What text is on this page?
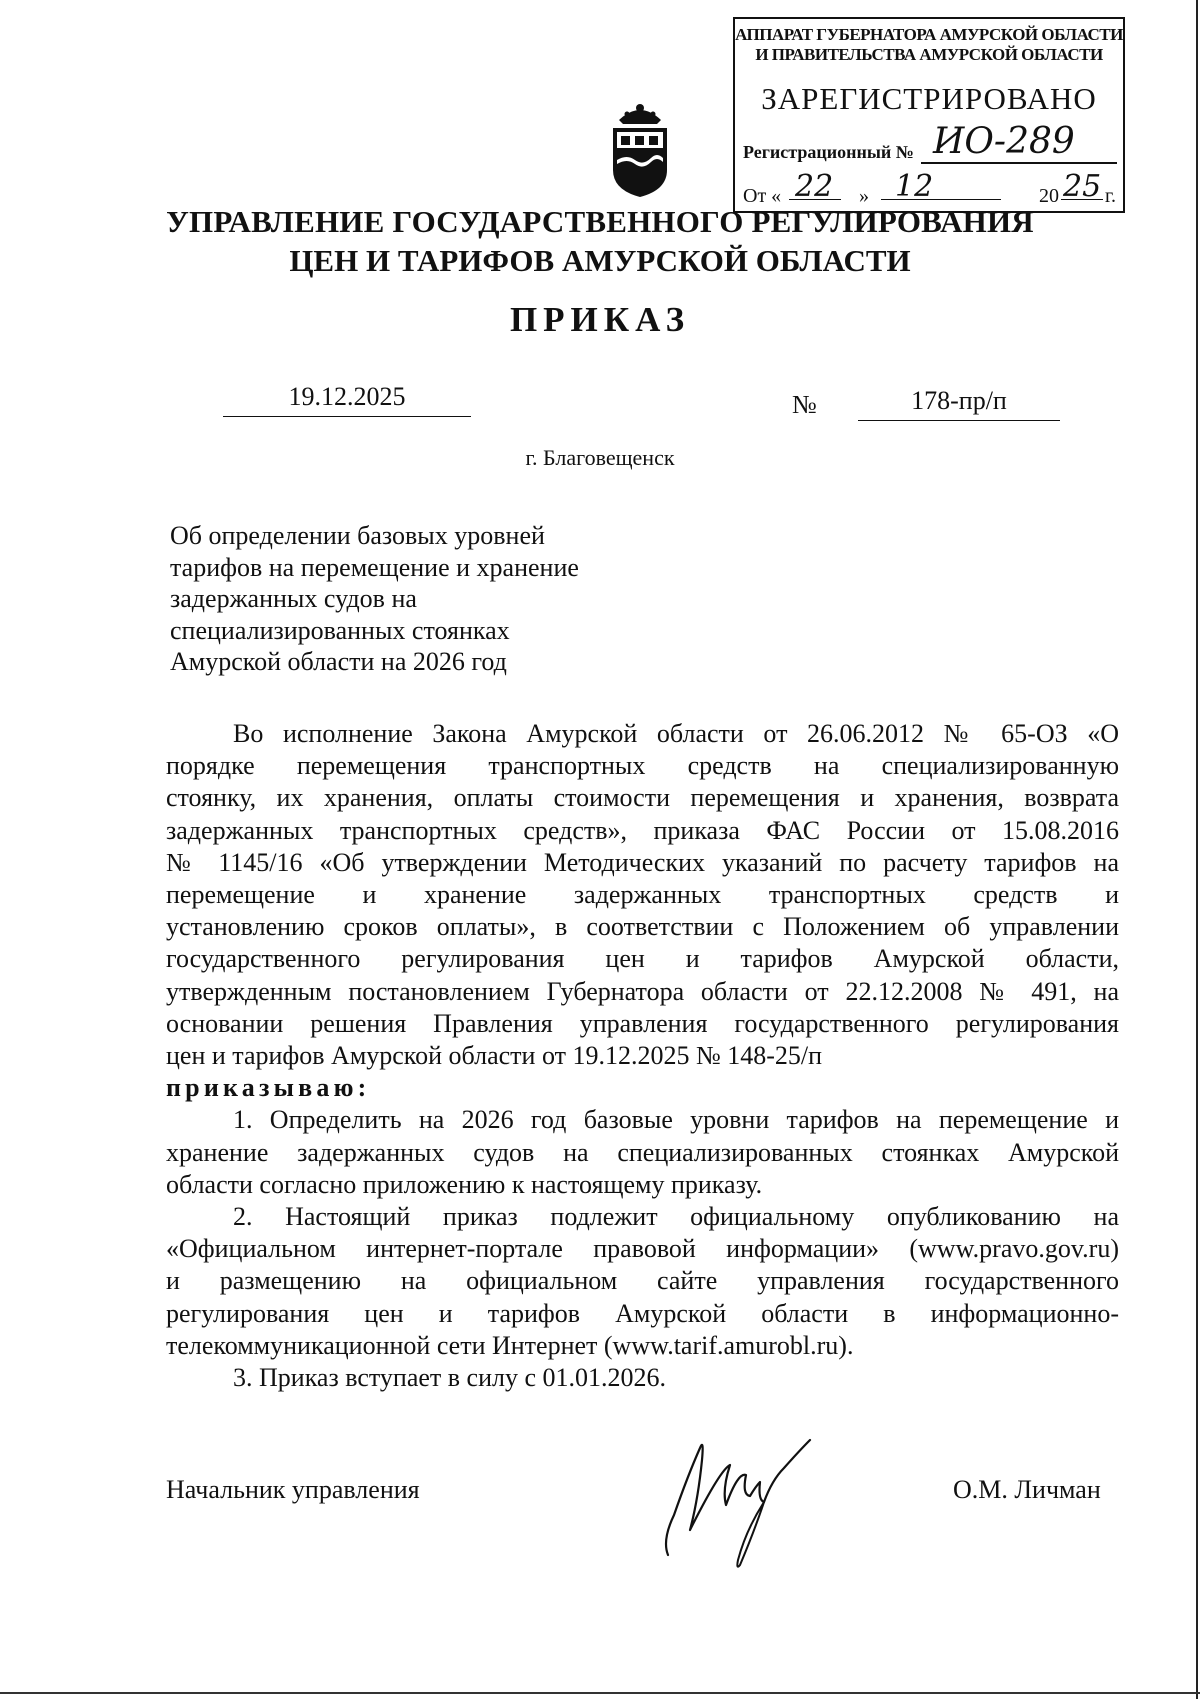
АППАРАТ ГУБЕРНАТОРА АМУРСКОЙ ОБЛАСТИ
И ПРАВИТЕЛЬСТВА АМУРСКОЙ ОБЛАСТИ
ЗАРЕГИСТРИРОВАНО
Регистрационный № ИО-289
От « 22 » 12	20 25 г.
УПРАВЛЕНИЕ ГОСУДАРСТВЕННОГО РЕГУЛИРОВАНИЯ
ЦЕН И ТАРИФОВ АМУРСКОЙ ОБЛАСТИ
ПРИКАЗ
19.12.2025	№	178-пр/п
г. Благовещенск
Об определении базовых уровней
тарифов на перемещение и хранение
задержанных судов на
специализированных стоянках
Амурской области на 2026 год
Во исполнение Закона Амурской области от 26.06.2012 № 65-ОЗ «О
порядке перемещения транспортных средств на специализированную
стоянку, их хранения, оплаты стоимости перемещения и хранения, возврата
задержанных транспортных средств», приказа ФАС России от 15.08.2016
№ 1145/16 «Об утверждении Методических указаний по расчету тарифов на
перемещение и хранение задержанных транспортных средств и
установлению сроков оплаты», в соответствии с Положением об управлении
государственного регулирования цен и тарифов Амурской области,
утвержденным постановлением Губернатора области от 22.12.2008 № 491, на
основании решения Правления управления государственного регулирования
цен и тарифов Амурской области от 19.12.2025 № 148-25/п
приказываю:
1. Определить на 2026 год базовые уровни тарифов на перемещение и
хранение задержанных судов на специализированных стоянках Амурской
области согласно приложению к настоящему приказу.
2. Настоящий приказ подлежит официальному опубликованию на
«Официальном интернет-портале правовой информации» (www.pravo.gov.ru)
и размещению на официальном сайте управления государственного
регулирования цен и тарифов Амурской области в информационно-
телекоммуникационной сети Интернет (www.tarif.amurobl.ru).
3. Приказ вступает в силу с 01.01.2026.
Начальник управления	О.М. Личман
